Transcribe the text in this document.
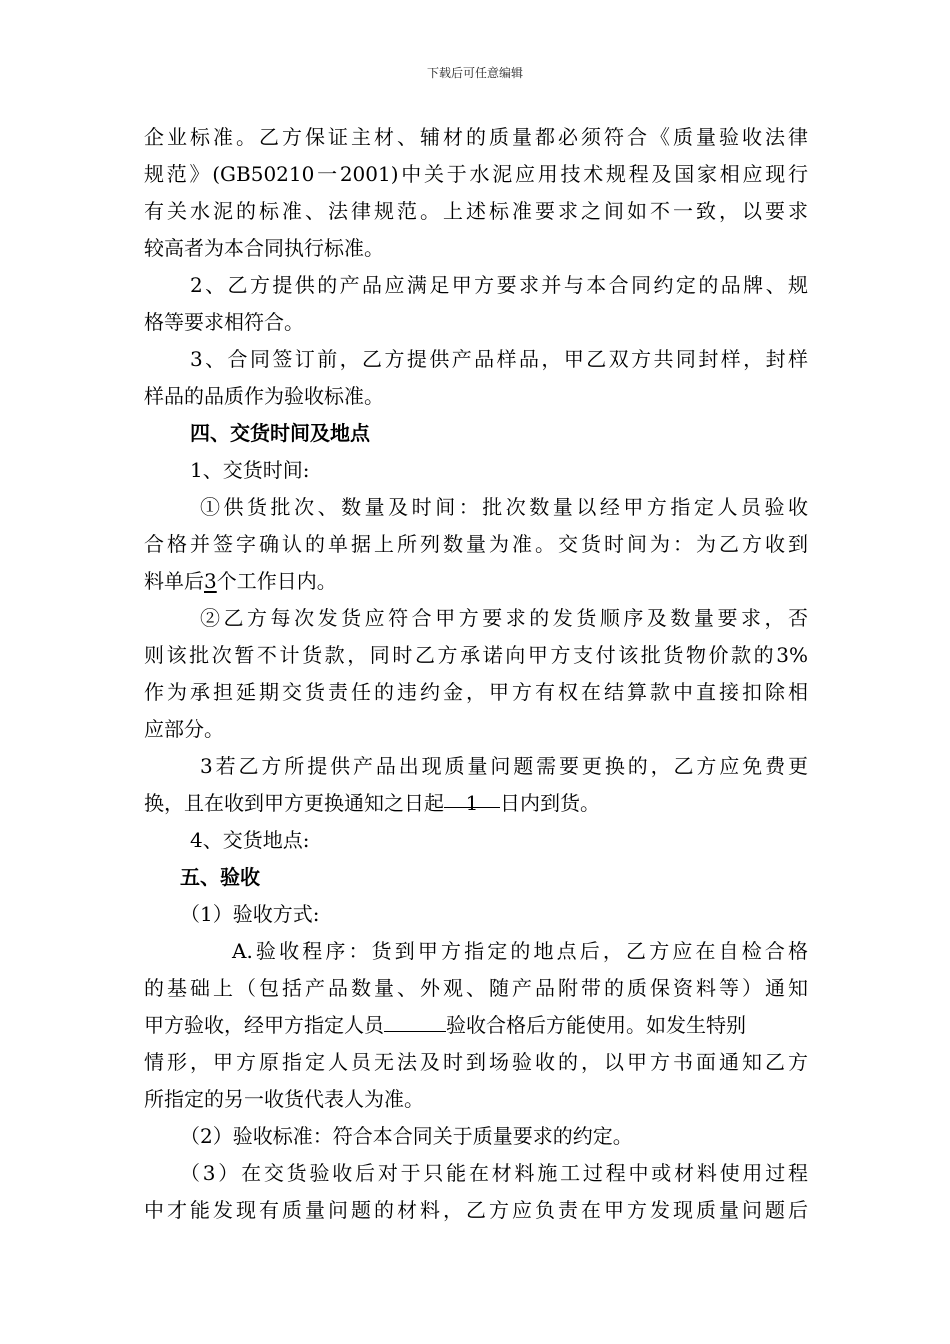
下载后可任意编辑
企业标准。乙方保证主材、辅材的质量都必须符合《质量验收法律
规范》(GB50210一2001)中关于水泥应用技术规程及国家相应现行
有关水泥的标准、法律规范。上述标准要求之间如不一致，以要求
较高者为本合同执行标准。
2、乙方提供的产品应满足甲方要求并与本合同约定的品牌、规
格等要求相符合。
3、合同签订前，乙方提供产品样品，甲乙双方共同封样，封样
样品的品质作为验收标准。
四、交货时间及地点
1、交货时间:
①供货批次、数量及时间：批次数量以经甲方指定人员验收
合格并签字确认的单据上所列数量为准。交货时间为：为乙方收到
料单后3个工作日内。
②乙方每次发货应符合甲方要求的发货顺序及数量要求，否
则该批次暂不计货款，同时乙方承诺向甲方支付该批货物价款的3%
作为承担延期交货责任的违约金，甲方有权在结算款中直接扣除相
应部分。
3若乙方所提供产品出现质量问题需要更换的，乙方应免费更
换，且在收到甲方更换通知之日起 1 日内到货。
4、交货地点:
五、验收
（1）验收方式:
A.验收程序：货到甲方指定的地点后，乙方应在自检合格
的基础上（包括产品数量、外观、随产品附带的质保资料等）通知
甲方验收，经甲方指定人员	验收合格后方能使用。如发生特别
情形，甲方原指定人员无法及时到场验收的，以甲方书面通知乙方
所指定的另一收货代表人为准。
（2）验收标准：符合本合同关于质量要求的约定。
（3）在交货验收后对于只能在材料施工过程中或材料使用过程
中才能发现有质量问题的材料，乙方应负责在甲方发现质量问题后
